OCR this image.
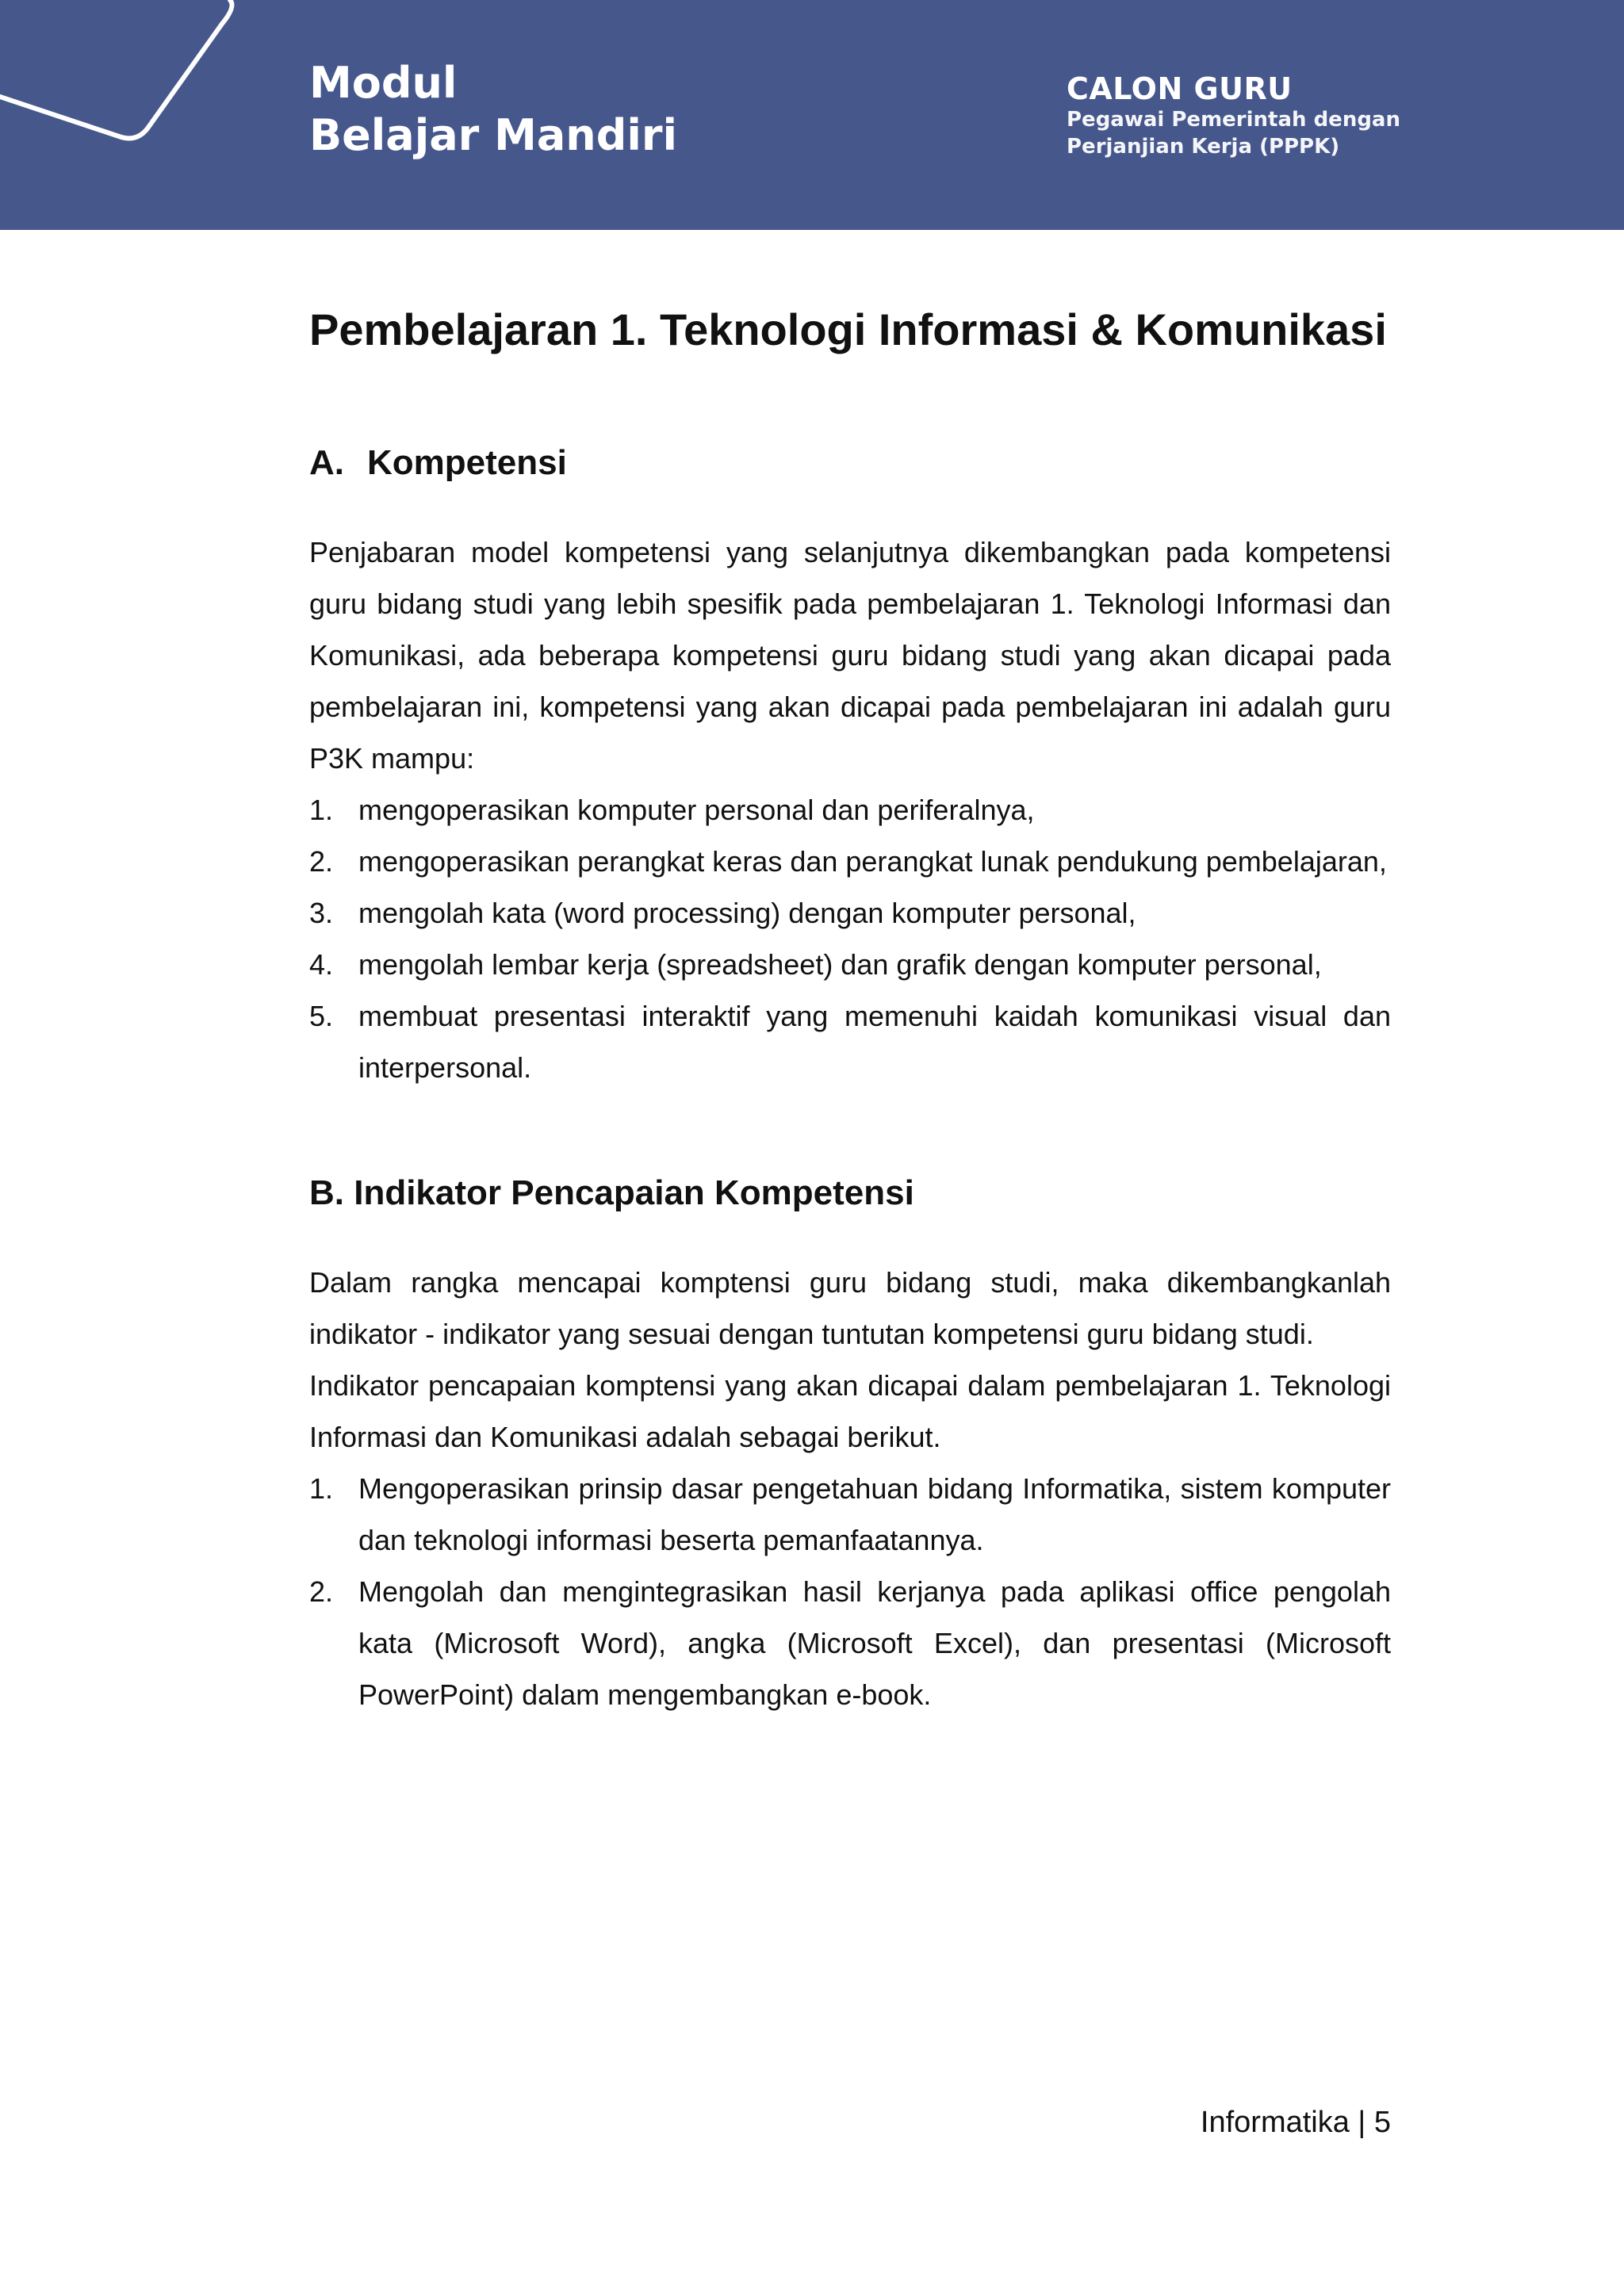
Modul
Belajar Mandiri
CALON GURU
Pegawai Pemerintah dengan
Perjanjian Kerja (PPPK)
Pembelajaran 1. Teknologi Informasi & Komunikasi
A. Kompetensi

Penjabaran model kompetensi yang selanjutnya dikembangkan pada kompetensi guru bidang studi yang lebih spesifik pada pembelajaran 1. Teknologi Informasi dan Komunikasi, ada beberapa kompetensi guru bidang studi yang akan dicapai pada pembelajaran ini, kompetensi yang akan dicapai pada pembelajaran ini adalah guru P3K mampu:

1. mengoperasikan komputer personal dan periferalnya,
2. mengoperasikan perangkat keras dan perangkat lunak pendukung pembelajaran,
3. mengolah kata (word processing) dengan komputer personal,
4. mengolah lembar kerja (spreadsheet) dan grafik dengan komputer personal,
5. membuat presentasi interaktif yang memenuhi kaidah komunikasi visual dan interpersonal.
B. Indikator Pencapaian Kompetensi

Dalam rangka mencapai komptensi guru bidang studi, maka dikembangkanlah indikator - indikator yang sesuai dengan tuntutan kompetensi guru bidang studi.

Indikator pencapaian komptensi yang akan dicapai dalam pembelajaran 1. Teknologi Informasi dan Komunikasi adalah sebagai berikut.

1. Mengoperasikan prinsip dasar pengetahuan bidang Informatika, sistem komputer dan teknologi informasi beserta pemanfaatannya.
2. Mengolah dan mengintegrasikan hasil kerjanya pada aplikasi office pengolah kata (Microsoft Word), angka (Microsoft Excel), dan presentasi (Microsoft PowerPoint) dalam mengembangkan e-book.
Informatika | 5
